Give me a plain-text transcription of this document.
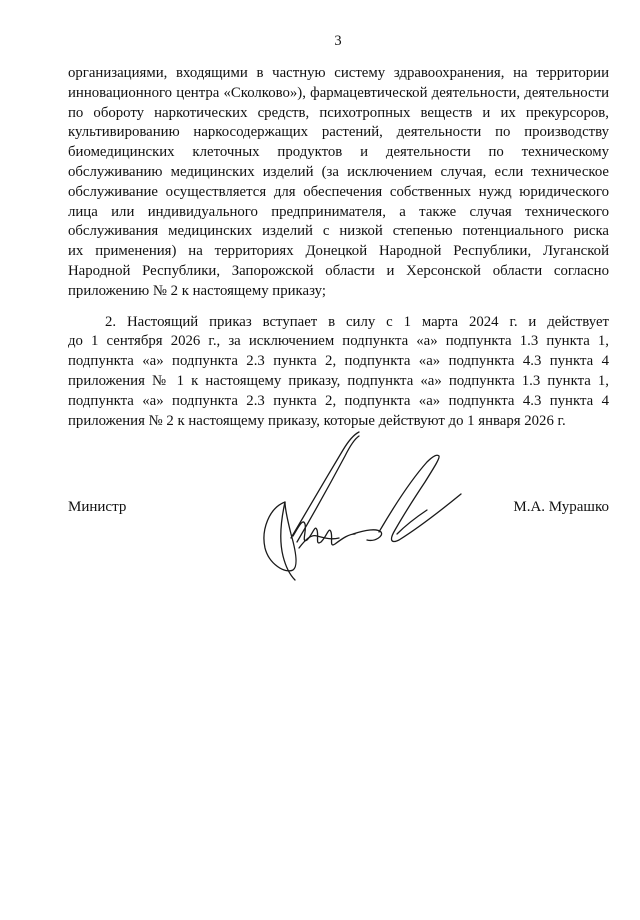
3
организациями, входящими в частную систему здравоохранения, на территории
инновационного центра «Сколково»), фармацевтической деятельности, деятельности
по обороту наркотических средств, психотропных веществ и их прекурсоров,
культивированию наркосодержащих растений, деятельности по производству
биомедицинских клеточных продуктов и деятельности по техническому
обслуживанию медицинских изделий (за исключением случая, если техническое
обслуживание осуществляется для обеспечения собственных нужд юридического
лица или индивидуального предпринимателя, а также случая технического
обслуживания медицинских изделий с низкой степенью потенциального риска
их применения) на территориях Донецкой Народной Республики, Луганской
Народной Республики, Запорожской области и Херсонской области согласно
приложению № 2 к настоящему приказу;
2. Настоящий приказ вступает в силу с 1 марта 2024 г. и действует
до 1 сентября 2026 г., за исключением подпункта «а» подпункта 1.3 пункта 1,
подпункта «а» подпункта 2.3 пункта 2, подпункта «а» подпункта 4.3 пункта 4
приложения № 1 к настоящему приказу, подпункта «а» подпункта 1.3 пункта 1,
подпункта «а» подпункта 2.3 пункта 2, подпункта «а» подпункта 4.3 пункта 4
приложения № 2 к настоящему приказу, которые действуют до 1 января 2026 г.
Министр	М.А. Мурашко
